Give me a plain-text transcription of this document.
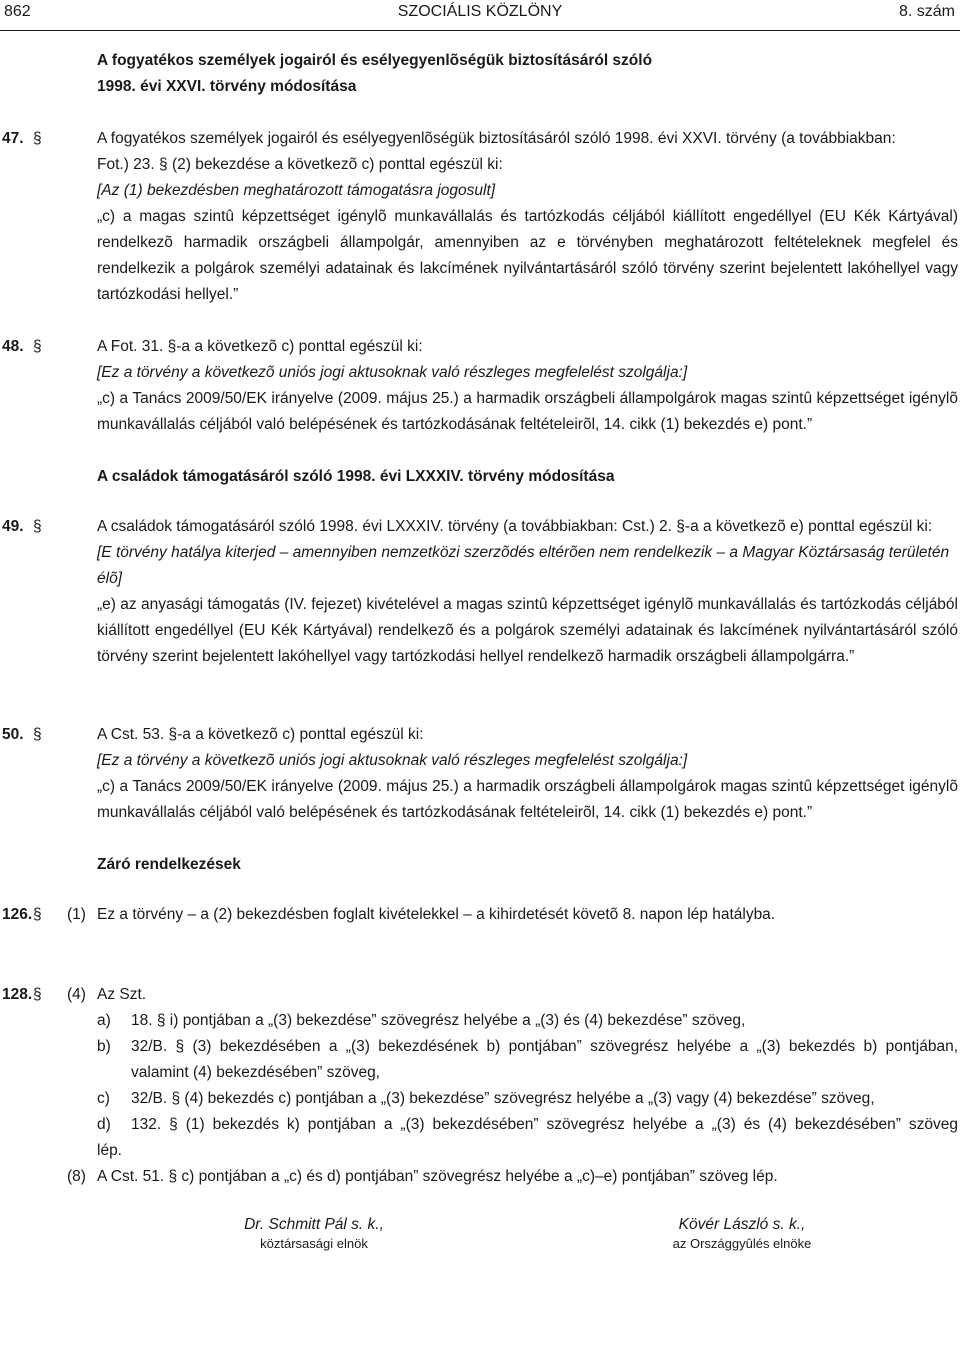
862	SZOCIÁLIS KÖZLÖNY	8. szám
A fogyatékos személyek jogairól és esélyegyenlõségük biztosításáról szóló
1998. évi XXVI. törvény módosítása
47. §	A fogyatékos személyek jogairól és esélyegyenlõségük biztosításáról szóló 1998. évi XXVI. törvény (a továbbiakban:
Fot.) 23. § (2) bekezdése a következõ c) ponttal egészül ki:
[Az (1) bekezdésben meghatározott támogatásra jogosult]
„c) a magas szintû képzettséget igénylõ munkavállalás és tartózkodás céljából kiállított engedéllyel (EU Kék Kártyával) rendelkezõ harmadik országbeli állampolgár, amennyiben az e törvényben meghatározott feltételeknek megfelel és rendelkezik a polgárok személyi adatainak és lakcímének nyilvántartásáról szóló törvény szerint bejelentett lakóhellyel vagy tartózkodási hellyel.”
48. §	A Fot. 31. §-a a következõ c) ponttal egészül ki:
[Ez a törvény a következõ uniós jogi aktusoknak való részleges megfelelést szolgálja:]
„c) a Tanács 2009/50/EK irányelve (2009. május 25.) a harmadik országbeli állampolgárok magas szintû képzettséget igénylõ munkavállalás céljából való belépésének és tartózkodásának feltételeirõl, 14. cikk (1) bekezdés e) pont.”
A családok támogatásáról szóló 1998. évi LXXXIV. törvény módosítása
49. §	A családok támogatásáról szóló 1998. évi LXXXIV. törvény (a továbbiakban: Cst.) 2. §-a a következõ e) ponttal egészül ki:
[E törvény hatálya kiterjed – amennyiben nemzetközi szerzõdés eltérõen nem rendelkezik – a Magyar Köztársaság területén élõ]
„e) az anyasági támogatás (IV. fejezet) kivételével a magas szintû képzettséget igénylõ munkavállalás és tartózkodás céljából kiállított engedéllyel (EU Kék Kártyával) rendelkezõ és a polgárok személyi adatainak és lakcímének nyilvántartásáról szóló törvény szerint bejelentett lakóhellyel vagy tartózkodási hellyel rendelkezõ harmadik országbeli állampolgárra.”
50. §	A Cst. 53. §-a a következõ c) ponttal egészül ki:
[Ez a törvény a következõ uniós jogi aktusoknak való részleges megfelelést szolgálja:]
„c) a Tanács 2009/50/EK irányelve (2009. május 25.) a harmadik országbeli állampolgárok magas szintû képzettséget igénylõ munkavállalás céljából való belépésének és tartózkodásának feltételeirõl, 14. cikk (1) bekezdés e) pont.”
Záró rendelkezések
126. § (1) Ez a törvény – a (2) bekezdésben foglalt kivételekkel – a kihirdetését követõ 8. napon lép hatályba.
128. § (4) Az Szt.
a) 18. § i) pontjában a „(3) bekezdése” szövegrész helyébe a „(3) és (4) bekezdése” szöveg,
b) 32/B. § (3) bekezdésében a „(3) bekezdésének b) pontjában” szövegrész helyébe a „(3) bekezdés b) pontjában, valamint (4) bekezdésében” szöveg,
c) 32/B. § (4) bekezdés c) pontjában a „(3) bekezdése” szövegrész helyébe a „(3) vagy (4) bekezdése” szöveg,
d) 132. § (1) bekezdés k) pontjában a „(3) bekezdésében” szövegrész helyébe a „(3) és (4) bekezdésében” szöveg
lép.
(8) A Cst. 51. § c) pontjában a „c) és d) pontjában” szövegrész helyébe a „c)–e) pontjában” szöveg lép.
Dr. Schmitt Pál s. k.,
köztársasági elnök
Kövér László s. k.,
az Országgyûlés elnöke
